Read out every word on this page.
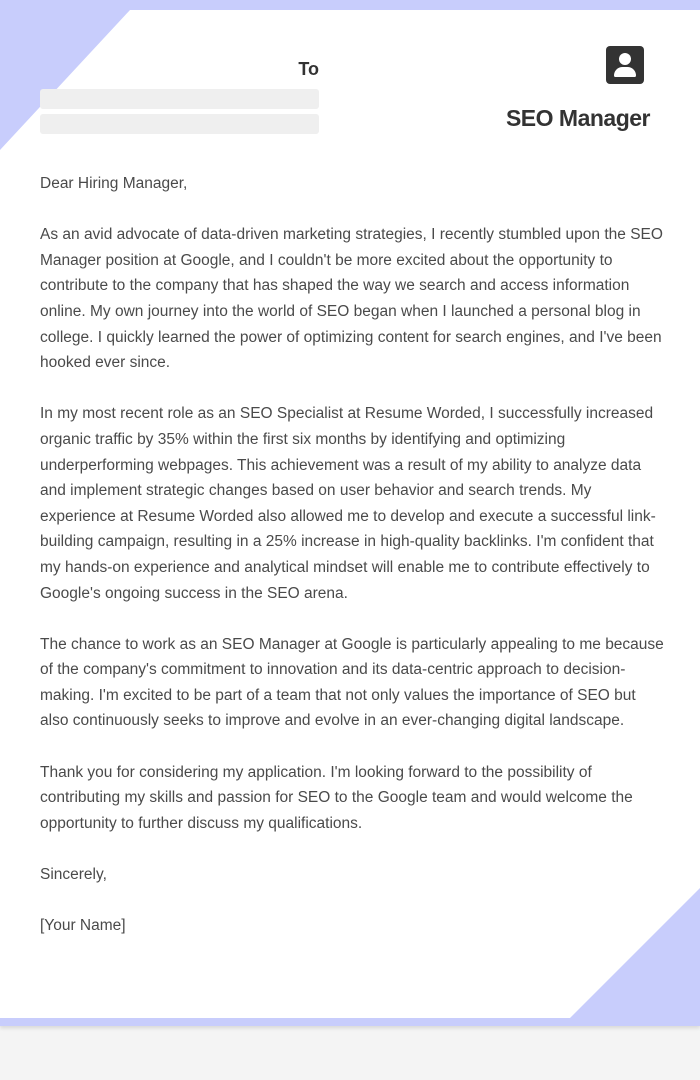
To
SEO Manager

Dear Hiring Manager,

As an avid advocate of data-driven marketing strategies, I recently stumbled upon the SEO Manager position at Google, and I couldn't be more excited about the opportunity to contribute to the company that has shaped the way we search and access information online. My own journey into the world of SEO began when I launched a personal blog in college. I quickly learned the power of optimizing content for search engines, and I've been hooked ever since.

In my most recent role as an SEO Specialist at Resume Worded, I successfully increased organic traffic by 35% within the first six months by identifying and optimizing underperforming webpages. This achievement was a result of my ability to analyze data and implement strategic changes based on user behavior and search trends. My experience at Resume Worded also allowed me to develop and execute a successful link-building campaign, resulting in a 25% increase in high-quality backlinks. I'm confident that my hands-on experience and analytical mindset will enable me to contribute effectively to Google's ongoing success in the SEO arena.

The chance to work as an SEO Manager at Google is particularly appealing to me because of the company's commitment to innovation and its data-centric approach to decision-making. I'm excited to be part of a team that not only values the importance of SEO but also continuously seeks to improve and evolve in an ever-changing digital landscape.

Thank you for considering my application. I'm looking forward to the possibility of contributing my skills and passion for SEO to the Google team and would welcome the opportunity to further discuss my qualifications.

Sincerely,

[Your Name]
